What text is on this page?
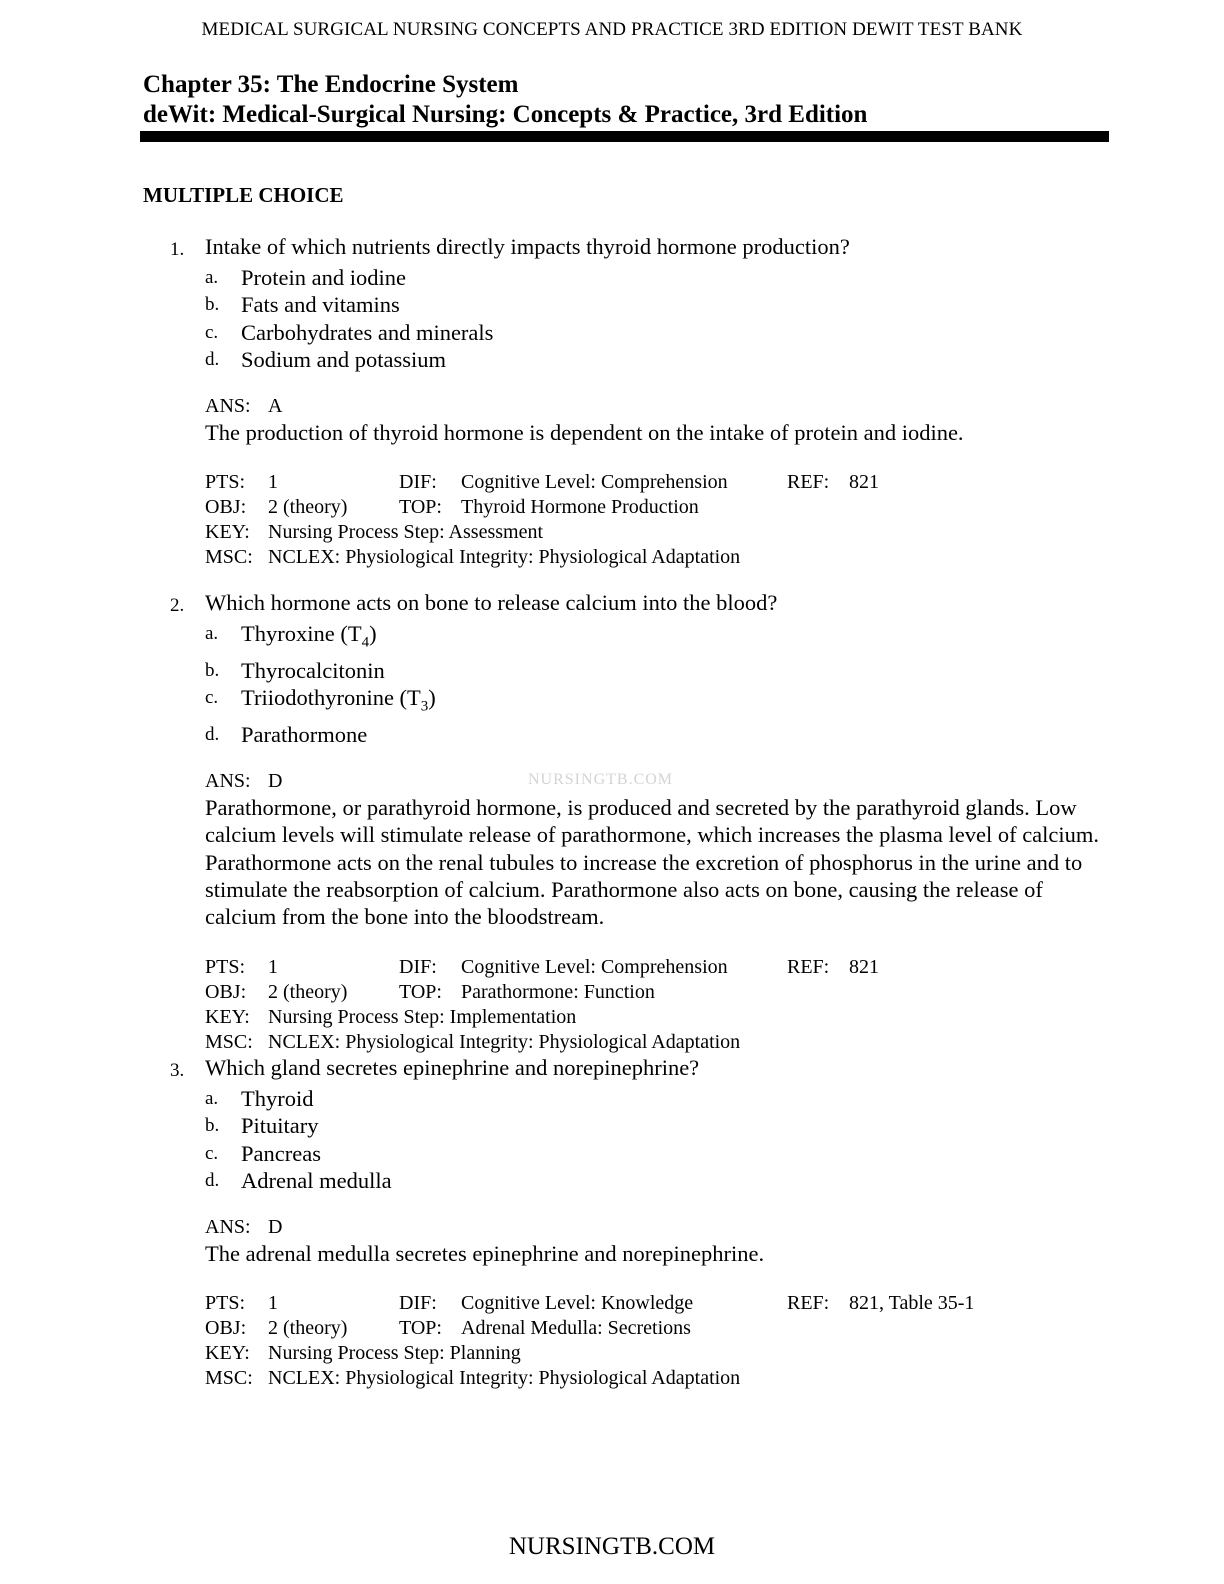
MEDICAL SURGICAL NURSING CONCEPTS AND PRACTICE 3RD EDITION DEWIT TEST BANK
Chapter 35: The Endocrine System
deWit: Medical-Surgical Nursing: Concepts & Practice, 3rd Edition
MULTIPLE CHOICE
1. Intake of which nutrients directly impacts thyroid hormone production?
a.	Protein and iodine
b. Fats and vitamins
c.	Carbohydrates and minerals
d. Sodium and potassium
ANS: A
The production of thyroid hormone is dependent on the intake of protein and iodine.
PTS:	1	DIF:	Cognitive Level: Comprehension	REF: 821
OBJ:	2 (theory)	TOP: Thyroid Hormone Production
KEY: Nursing Process Step: Assessment
MSC: NCLEX: Physiological Integrity: Physiological Adaptation
2. Which hormone acts on bone to release calcium into the blood?
a.	Thyroxine $(T_4)$
b. Thyrocalcitonin
c.	Triiodothyronine $(T_3)$
d. Parathormone
ANS: D
Parathormone, or parathyroid hormone, is produced and secreted by the parathyroid glands. Low calcium levels will stimulate release of parathormone, which increases the plasma level of calcium. Parathormone acts on the renal tubules to increase the excretion of phosphorus in the urine and to stimulate the reabsorption of calcium. Parathormone also acts on bone, causing the release of calcium from the bone into the bloodstream.
PTS:	1	DIF:	Cognitive Level: Comprehension	REF: 821
OBJ:	2 (theory)	TOP: Parathormone: Function
KEY: Nursing Process Step: Implementation
MSC: NCLEX: Physiological Integrity: Physiological Adaptation
NURSINGTB.COM
3. Which gland secretes epinephrine and norepinephrine?
a.	Thyroid
b. Pituitary
c.	Pancreas
d. Adrenal medulla
ANS: D
The adrenal medulla secretes epinephrine and norepinephrine.
PTS:	1	DIF:	Cognitive Level: Knowledge	REF: 821, Table 35-1
OBJ:	2 (theory)	TOP: Adrenal Medulla: Secretions
KEY: Nursing Process Step: Planning
MSC: NCLEX: Physiological Integrity: Physiological Adaptation
NURSINGTB.COM
